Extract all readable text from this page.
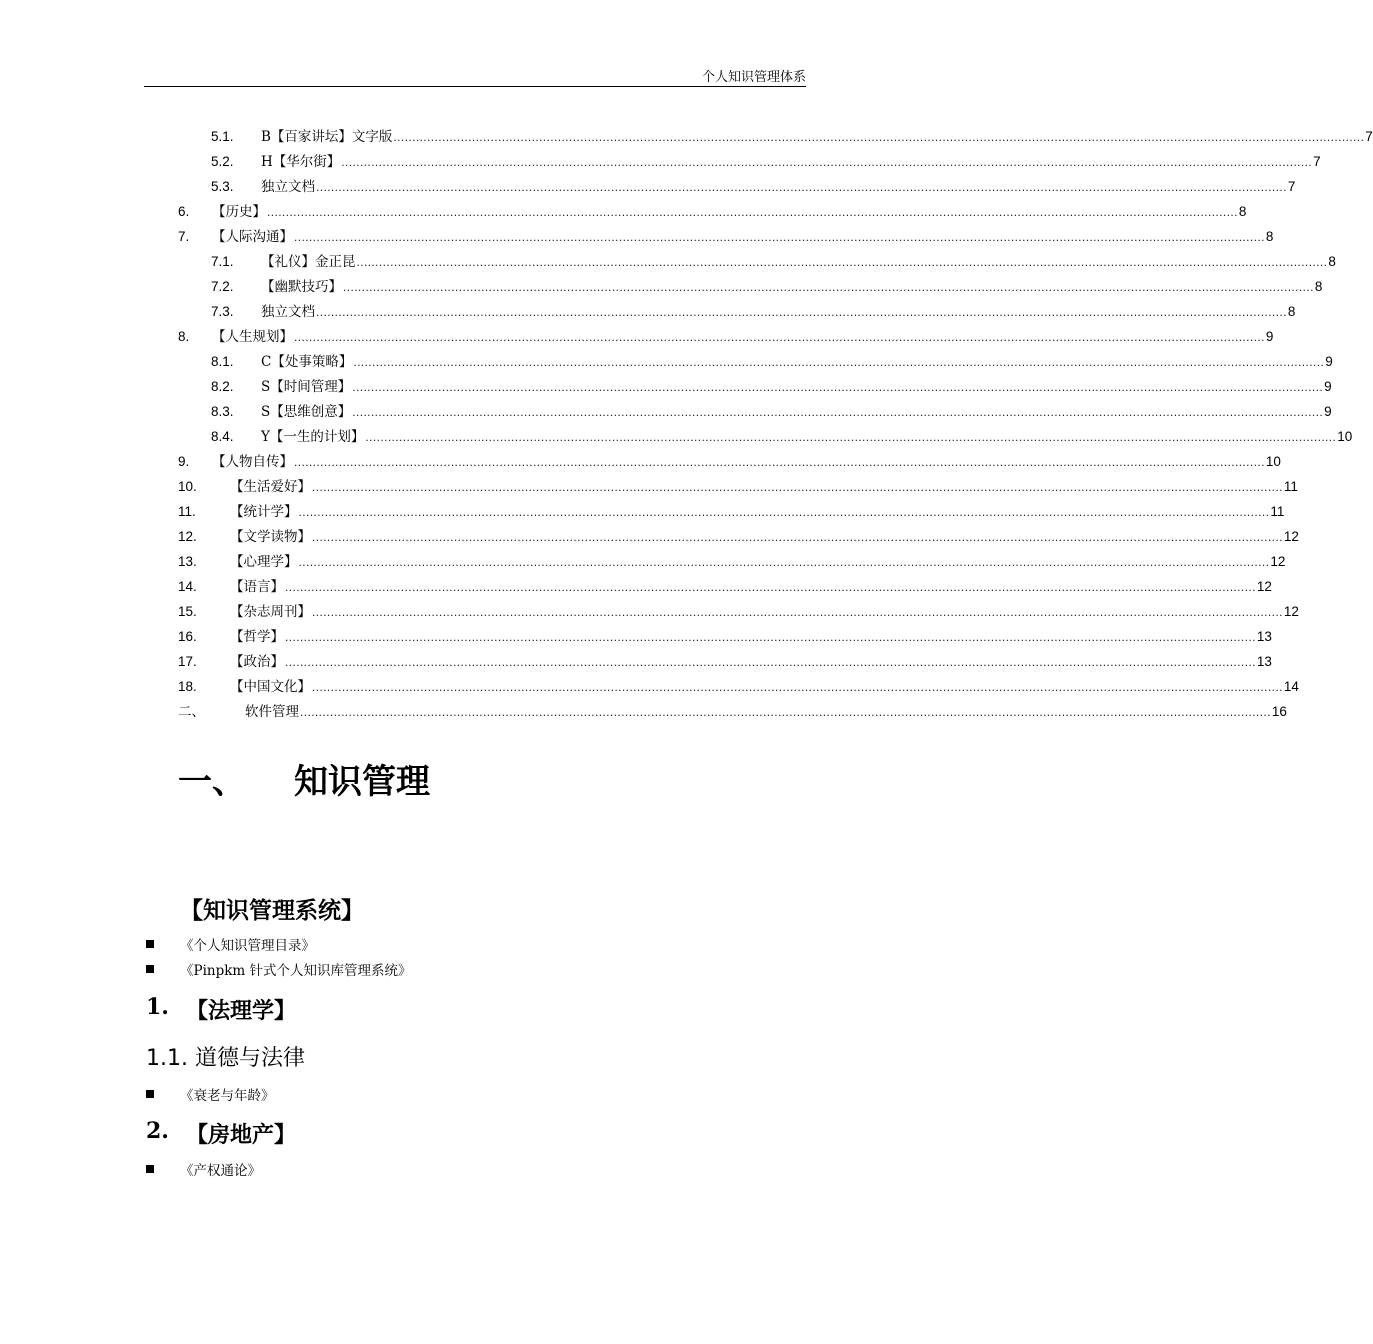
个人知识管理体系
5.1. B【百家讲坛】文字版 .................................................................................................................................................................................................................................................................... 7
5.2. H【华尔街】 .................................................................................................................................................................................................................................................................... 7
5.3. 独立文档 .................................................................................................................................................................................................................................................................... 7
6. 【历史】 .................................................................................................................................................................................................................................................................... 8
7. 【人际沟通】 .................................................................................................................................................................................................................................................................... 8
7.1. 【礼仪】金正昆 .................................................................................................................................................................................................................................................................... 8
7.2. 【幽默技巧】 .................................................................................................................................................................................................................................................................... 8
7.3. 独立文档 .................................................................................................................................................................................................................................................................... 8
8. 【人生规划】 .................................................................................................................................................................................................................................................................... 9
8.1. C【处事策略】 .................................................................................................................................................................................................................................................................... 9
8.2. S【时间管理】 .................................................................................................................................................................................................................................................................... 9
8.3. S【思维创意】 .................................................................................................................................................................................................................................................................... 9
8.4. Y【一生的计划】 .................................................................................................................................................................................................................................................................... 10
9. 【人物自传】 .................................................................................................................................................................................................................................................................... 10
10. 【生活爱好】 .................................................................................................................................................................................................................................................................... 11
11.	【统计学】 .................................................................................................................................................................................................................................................................... 11
12. 【文学读物】 .................................................................................................................................................................................................................................................................... 12
13. 【心理学】 .................................................................................................................................................................................................................................................................... 12
14. 【语言】 .................................................................................................................................................................................................................................................................... 12
15. 【杂志周刊】 .................................................................................................................................................................................................................................................................... 12
16. 【哲学】 .................................................................................................................................................................................................................................................................... 13
17. 【政治】 .................................................................................................................................................................................................................................................................... 13
18. 【中国文化】 .................................................................................................................................................................................................................................................................... 14
二、	软件管理 .................................................................................................................................................................................................................................................................... 16
一、 知识管理
【知识管理系统】
《个人知识管理目录》
《Pinpkm 针式个人知识库管理系统》
1. 【法理学】
1.1. 道德与法律
《衰老与年龄》
2. 【房地产】
《产权通论》
